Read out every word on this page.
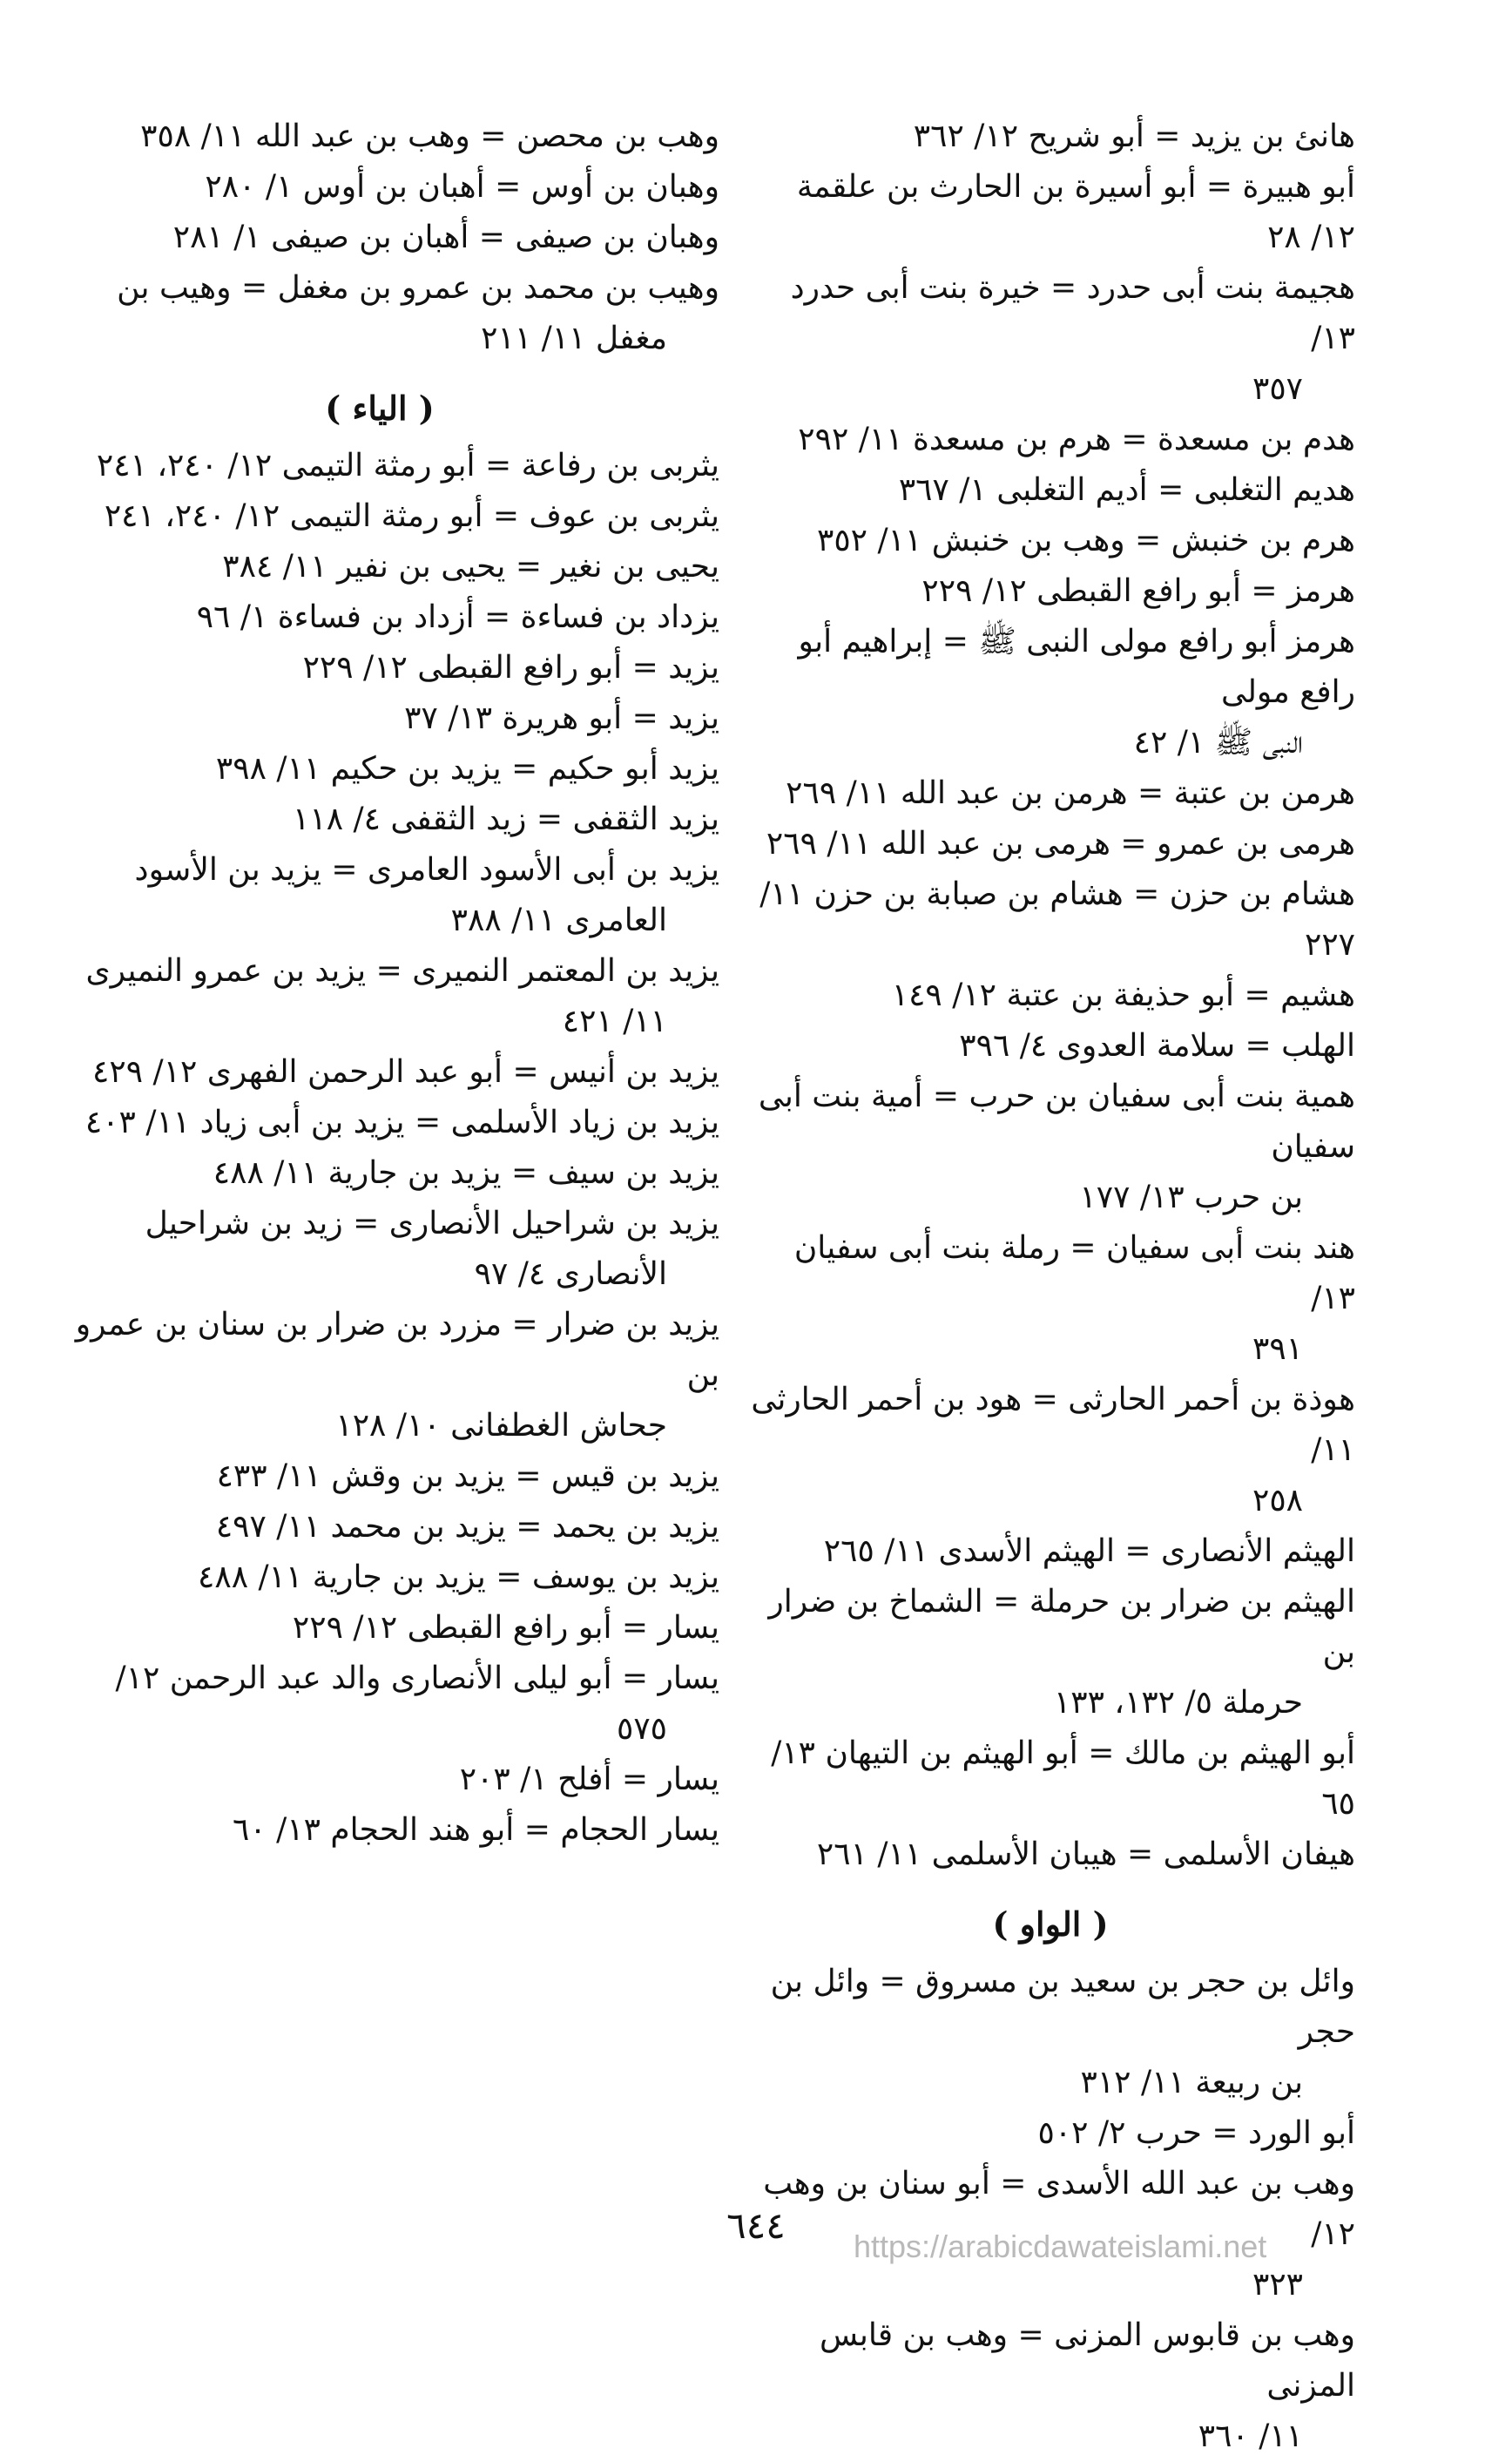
هانئ بن يزيد = أبو شريح ١٢/ ٣٦٢
أبو هبيرة = أبو أسيرة بن الحارث بن علقمة ١٢/ ٢٨
هجيمة بنت أبى حدرد = خيرة بنت أبى حدرد ١٣/
٣٥٧
هدم بن مسعدة = هرم بن مسعدة ١١/ ٢٩٢
هديم التغلبى = أديم التغلبى ١/ ٣٦٧
هرم بن خنبش = وهب بن خنبش ١١/ ٣٥٢
هرمز = أبو رافع القبطى ١٢/ ٢٢٩
هرمز أبو رافع مولى النبى ﷺ = إبراهيم أبو رافع مولى
النبى ﷺ ١/ ٤٢
هرمن بن عتبة = هرمن بن عبد الله ١١/ ٢٦٩
هرمى بن عمرو = هرمى بن عبد الله ١١/ ٢٦٩
هشام بن حزن = هشام بن صبابة بن حزن ١١/ ٢٢٧
هشيم = أبو حذيفة بن عتبة ١٢/ ١٤٩
الهلب = سلامة العدوى ٤/ ٣٩٦
همية بنت أبى سفيان بن حرب = أمية بنت أبى سفيان
بن حرب ١٣/ ١٧٧
هند بنت أبى سفيان = رملة بنت أبى سفيان ١٣/
٣٩١
هوذة بن أحمر الحارثى = هود بن أحمر الحارثى ١١/
٢٥٨
الهيثم الأنصارى = الهيثم الأسدى ١١/ ٢٦٥
الهيثم بن ضرار بن حرملة = الشماخ بن ضرار بن
حرملة ٥/ ١٣٢، ١٣٣
أبو الهيثم بن مالك = أبو الهيثم بن التيهان ١٣/ ٦٥
هيفان الأسلمى = هيبان الأسلمى ١١/ ٢٦١
( الواو )
وائل بن حجر بن سعيد بن مسروق = وائل بن حجر
بن ربيعة ١١/ ٣١٢
أبو الورد = حرب ٢/ ٥٠٢
وهب بن عبد الله الأسدى = أبو سنان بن وهب ١٢/
٣٢٣
وهب بن قابوس المزنى = وهب بن قابس المزنى
١١/ ٣٦٠
وهب بن محصن = وهب بن عبد الله ١١/ ٣٥٨
وهبان بن أوس = أهبان بن أوس ١/ ٢٨٠
وهبان بن صيفى = أهبان بن صيفى ١/ ٢٨١
وهيب بن محمد بن عمرو بن مغفل = وهيب بن
مغفل ١١/ ٢١١
( الياء )
يثربى بن رفاعة = أبو رمثة التيمى ١٢/ ٢٤٠، ٢٤١
يثربى بن عوف = أبو رمثة التيمى ١٢/ ٢٤٠، ٢٤١
يحيى بن نغير = يحيى بن نفير ١١/ ٣٨٤
يزداد بن فساءة = أزداد بن فساءة ١/ ٩٦
يزيد = أبو رافع القبطى ١٢/ ٢٢٩
يزيد = أبو هريرة ١٣/ ٣٧
يزيد أبو حكيم = يزيد بن حكيم ١١/ ٣٩٨
يزيد الثقفى = زيد الثقفى ٤/ ١١٨
يزيد بن أبى الأسود العامرى = يزيد بن الأسود
العامرى ١١/ ٣٨٨
يزيد بن المعتمر النميرى = يزيد بن عمرو النميرى
١١/ ٤٢١
يزيد بن أنيس = أبو عبد الرحمن الفهرى ١٢/ ٤٢٩
يزيد بن زياد الأسلمى = يزيد بن أبى زياد ١١/ ٤٠٣
يزيد بن سيف = يزيد بن جارية ١١/ ٤٨٨
يزيد بن شراحيل الأنصارى = زيد بن شراحيل
الأنصارى ٤/ ٩٧
يزيد بن ضرار = مزرد بن ضرار بن سنان بن عمرو بن
جحاش الغطفانى ١٠/ ١٢٨
يزيد بن قيس = يزيد بن وقش ١١/ ٤٣٣
يزيد بن يحمد = يزيد بن محمد ١١/ ٤٩٧
يزيد بن يوسف = يزيد بن جارية ١١/ ٤٨٨
يسار = أبو رافع القبطى ١٢/ ٢٢٩
يسار = أبو ليلى الأنصارى والد عبد الرحمن ١٢/
٥٧٥
يسار = أفلح ١/ ٢٠٣
يسار الحجام = أبو هند الحجام ١٣/ ٦٠
٦٤٤	https://arabicdawateislami.net
